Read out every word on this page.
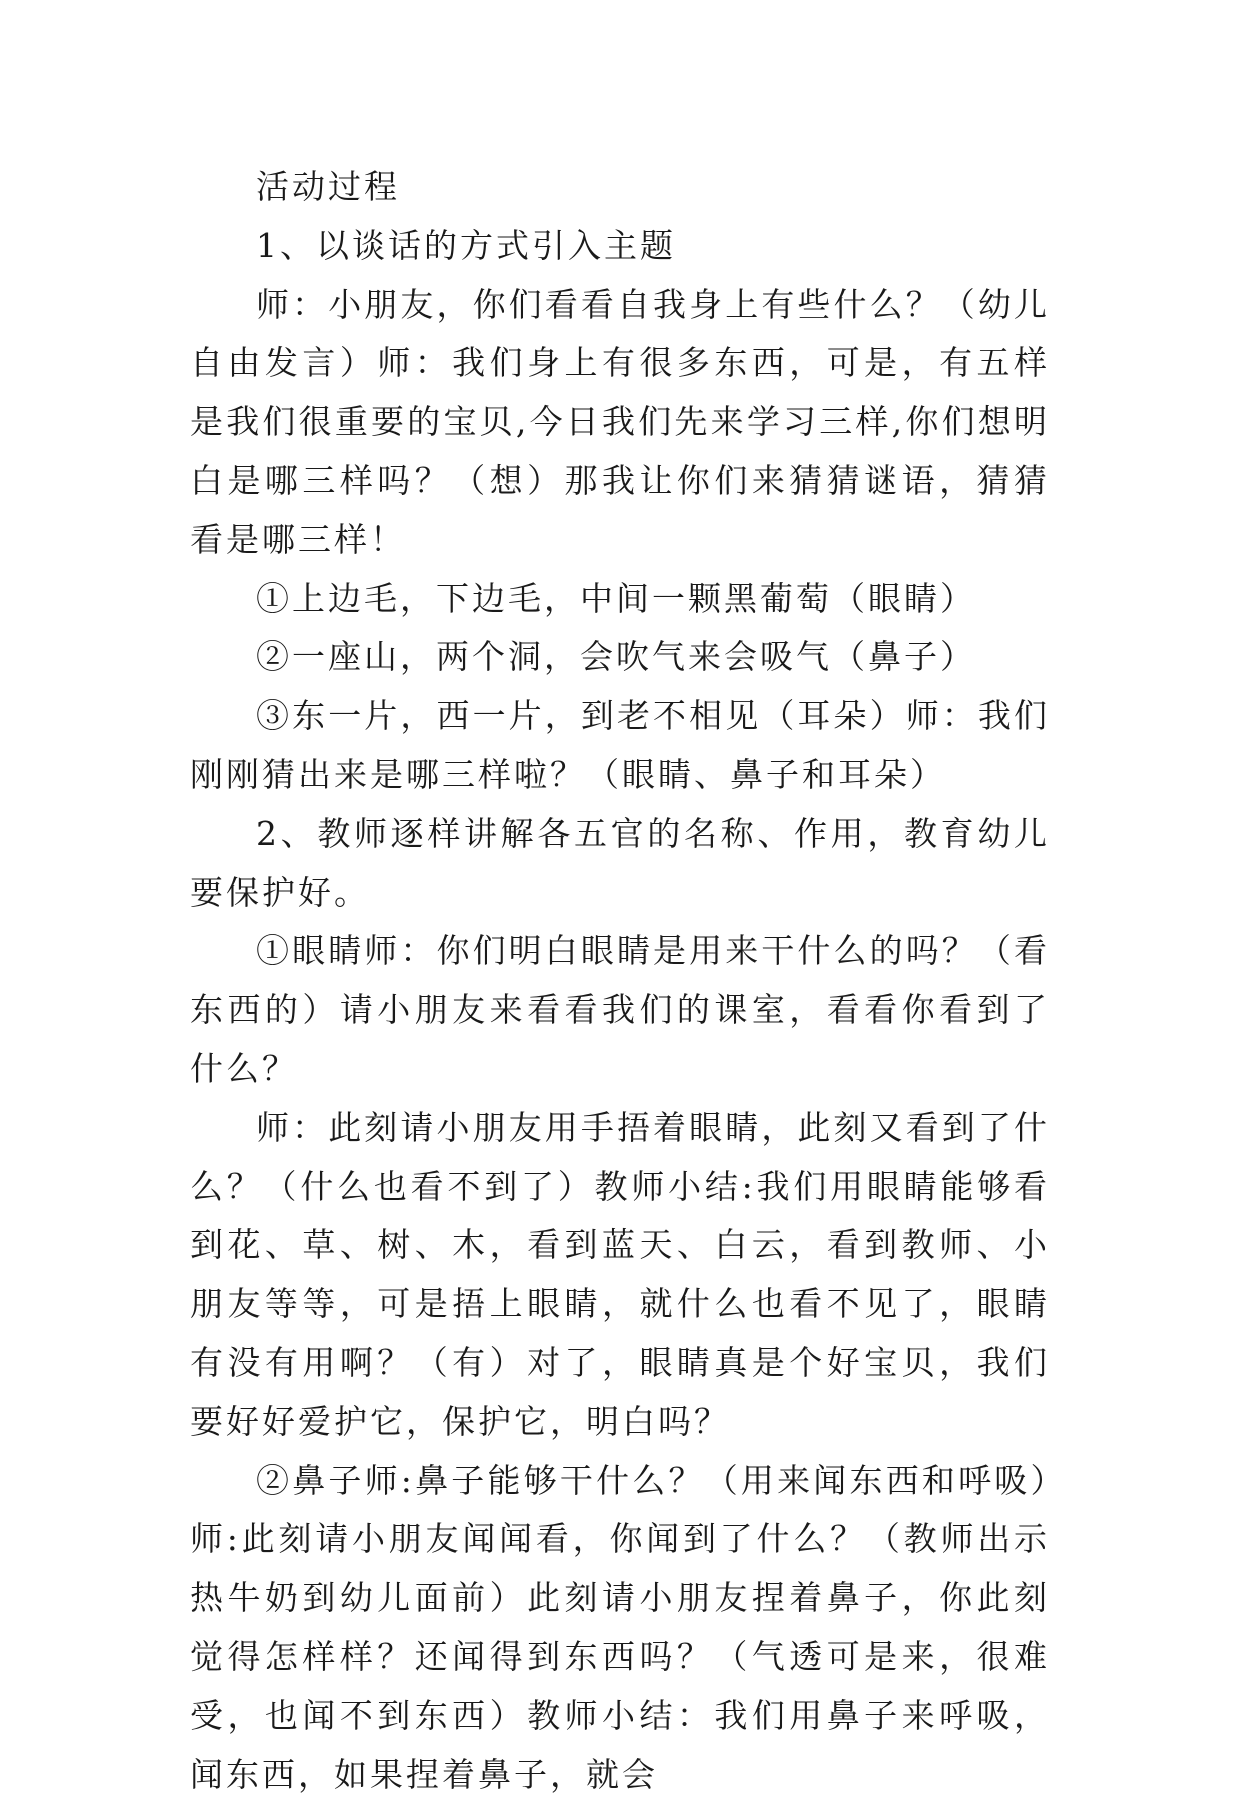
活动过程

1、以谈话的方式引入主题

师：小朋友，你们看看自我身上有些什么？（幼儿自由发言）师：我们身上有很多东西，可是，有五样是我们很重要的宝贝,今日我们先来学习三样,你们想明白是哪三样吗？（想）那我让你们来猜猜谜语，猜猜看是哪三样！

①上边毛，下边毛，中间一颗黑葡萄（眼睛）

②一座山，两个洞，会吹气来会吸气（鼻子）

③东一片，西一片，到老不相见（耳朵）师：我们刚刚猜出来是哪三样啦？（眼睛、鼻子和耳朵）

2、教师逐样讲解各五官的名称、作用，教育幼儿要保护好。

①眼睛师：你们明白眼睛是用来干什么的吗？（看东西的）请小朋友来看看我们的课室，看看你看到了什么？

师：此刻请小朋友用手捂着眼睛，此刻又看到了什么？（什么也看不到了）教师小结:我们用眼睛能够看到花、草、树、木，看到蓝天、白云，看到教师、小朋友等等，可是捂上眼睛，就什么也看不见了，眼睛有没有用啊？（有）对了，眼睛真是个好宝贝，我们要好好爱护它，保护它，明白吗？

②鼻子师:鼻子能够干什么？（用来闻东西和呼吸）师:此刻请小朋友闻闻看，你闻到了什么？（教师出示热牛奶到幼儿面前）此刻请小朋友捏着鼻子，你此刻觉得怎样样？还闻得到东西吗？（气透可是来，很难受，也闻不到东西）教师小结：我们用鼻子来呼吸，闻东西，如果捏着鼻子，就会
